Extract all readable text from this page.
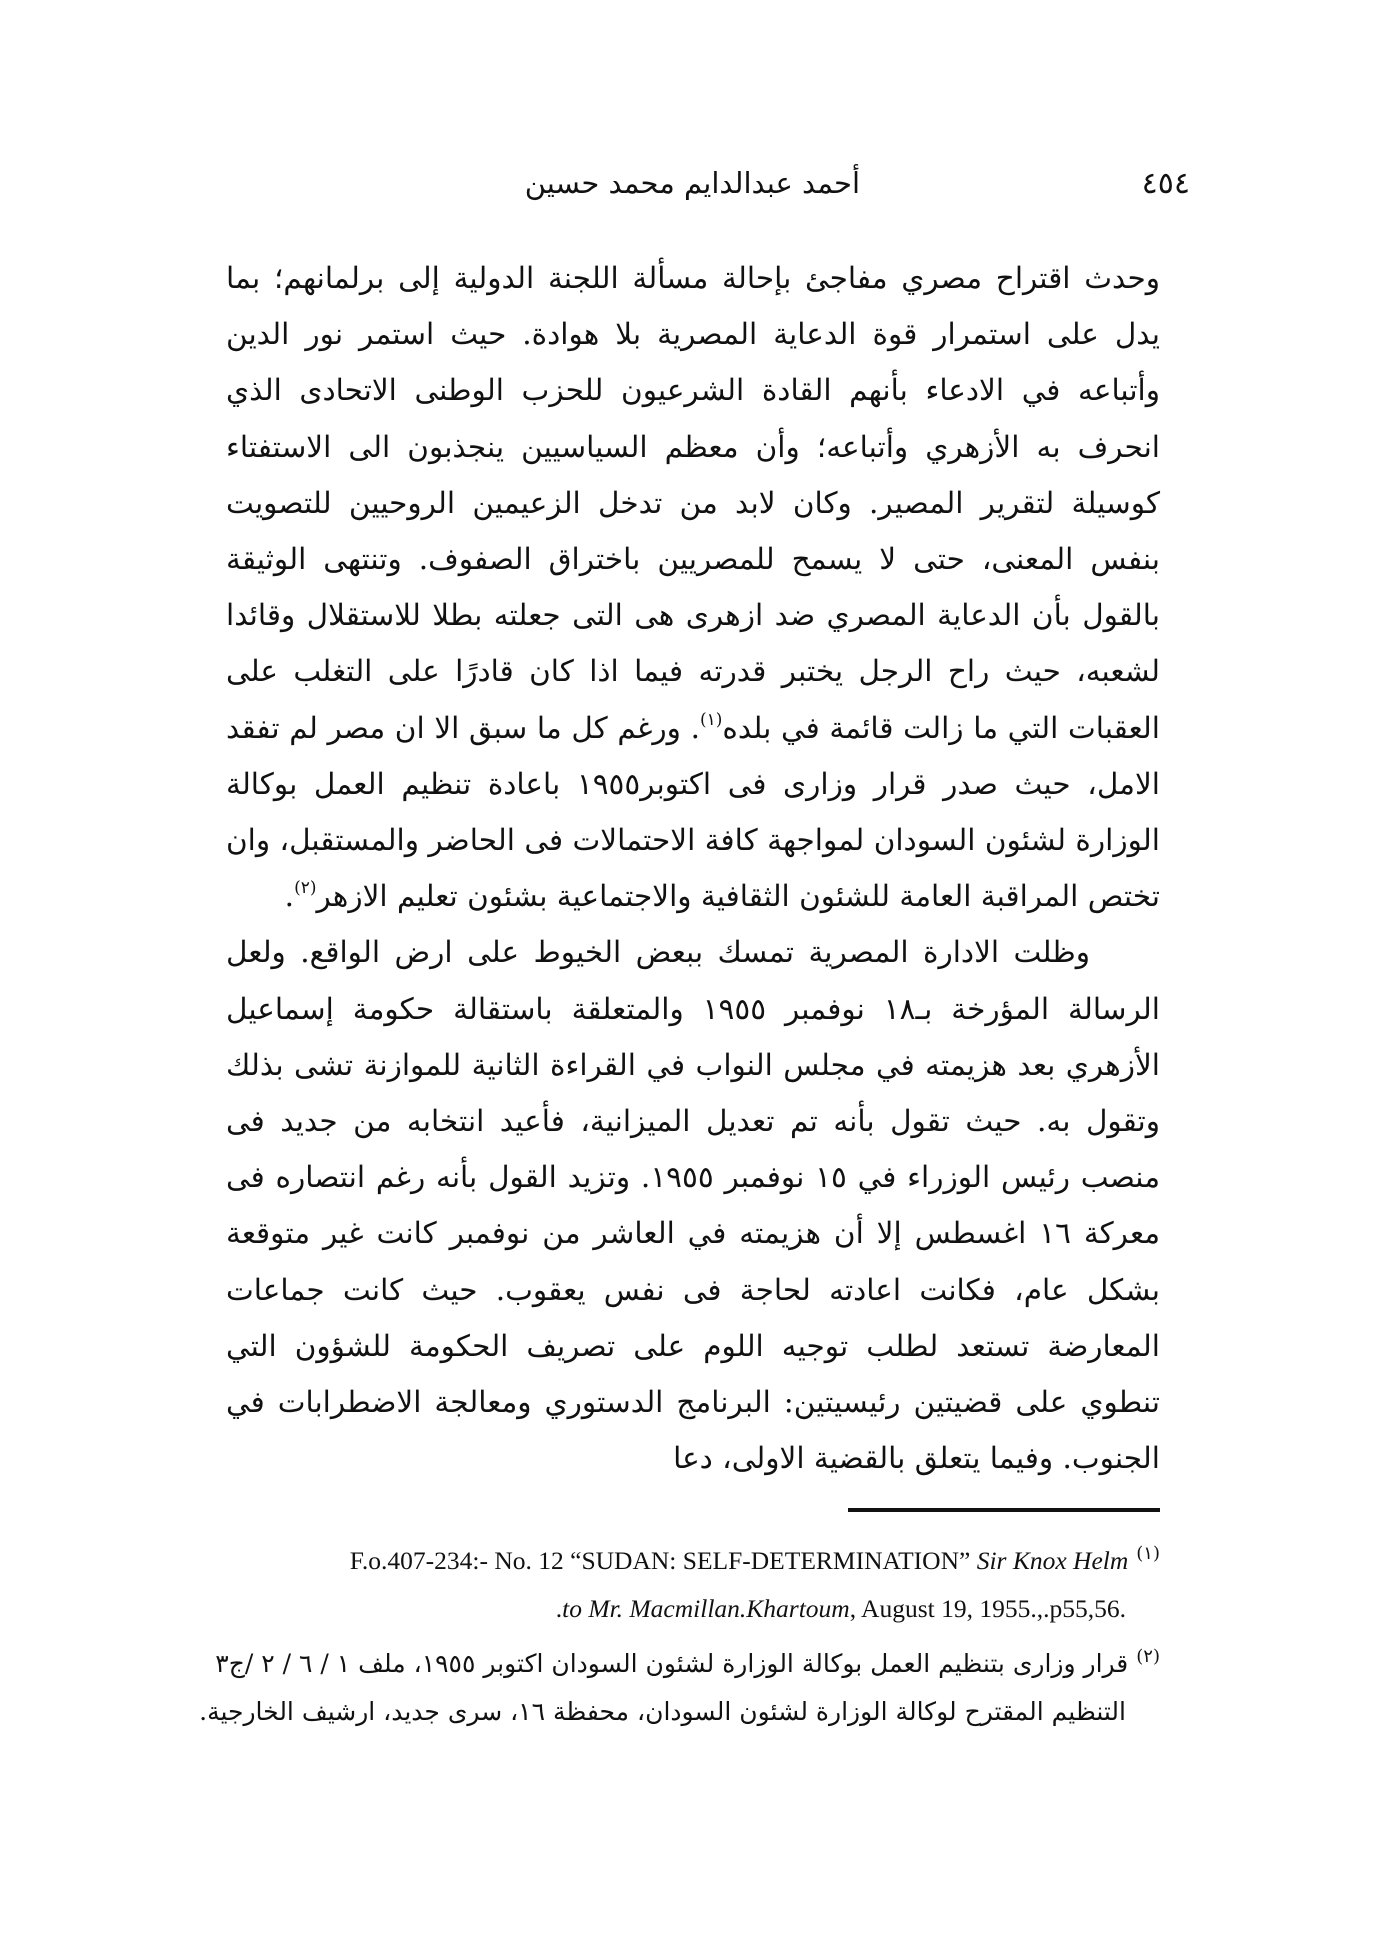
٤٥٤
أحمد عبدالدايم محمد حسين

وحدث اقتراح مصري مفاجئ بإحالة مسألة اللجنة الدولية إلى برلمانهم؛ بما يدل على استمرار قوة الدعاية المصرية بلا هوادة. حيث استمر نور الدين وأتباعه في الادعاء بأنهم القادة الشرعيون للحزب الوطنى الاتحادى الذي انحرف به الأزهري وأتباعه؛ وأن معظم السياسيين ينجذبون الى الاستفتاء كوسيلة لتقرير المصير. وكان لابد من تدخل الزعيمين الروحيين للتصويت بنفس المعنى، حتى لا يسمح للمصريين باختراق الصفوف. وتنتهى الوثيقة بالقول بأن الدعاية المصري ضد ازهرى هى التى جعلته بطلا للاستقلال وقائدا لشعبه، حيث راح الرجل يختبر قدرته فيما اذا كان قادرًا على التغلب على العقبات التي ما زالت قائمة في بلده$^{(١)}$. ورغم كل ما سبق الا ان مصر لم تفقد الامل، حيث صدر قرار وزارى فى اكتوبر١٩٥٥ باعادة تنظيم العمل بوكالة الوزارة لشئون السودان لمواجهة كافة الاحتمالات فى الحاضر والمستقبل، وان تختص المراقبة العامة للشئون الثقافية والاجتماعية بشئون تعليم الازهر$^{(٢)}$.

وظلت الادارة المصرية تمسك ببعض الخيوط على ارض الواقع. ولعل الرسالة المؤرخة بـ١٨ نوفمبر ١٩٥٥ والمتعلقة باستقالة حكومة إسماعيل الأزهري بعد هزيمته في مجلس النواب في القراءة الثانية للموازنة تشى بذلك وتقول به. حيث تقول بأنه تم تعديل الميزانية، فأعيد انتخابه من جديد فى منصب رئيس الوزراء في ١٥ نوفمبر ١٩٥٥. وتزيد القول بأنه رغم انتصاره فى معركة ١٦ اغسطس إلا أن هزيمته في العاشر من نوفمبر كانت غير متوقعة بشكل عام، فكانت اعادته لحاجة فى نفس يعقوب. حيث كانت جماعات المعارضة تستعد لطلب توجيه اللوم على تصريف الحكومة للشؤون التي تنطوي على قضيتين رئيسيتين: البرنامج الدستوري ومعالجة الاضطرابات في الجنوب. وفيما يتعلق بالقضية الاولى، دعا

$^{(١)}$F.o.407-234:- No. 12 “SUDAN: SELF-DETERMINATION” Sir Knox Helm

.to Mr. Macmillan.Khartoum, August 19, 1955.,.p55,56.

$^{(٢)}$قرار وزارى بتنظيم العمل بوكالة الوزارة لشئون السودان اكتوبر ١٩٥٥، ملف ١ / ٦ / ٢ /ج٣

التنظيم المقترح لوكالة الوزارة لشئون السودان، محفظة ١٦، سرى جديد، ارشيف الخارجية.
